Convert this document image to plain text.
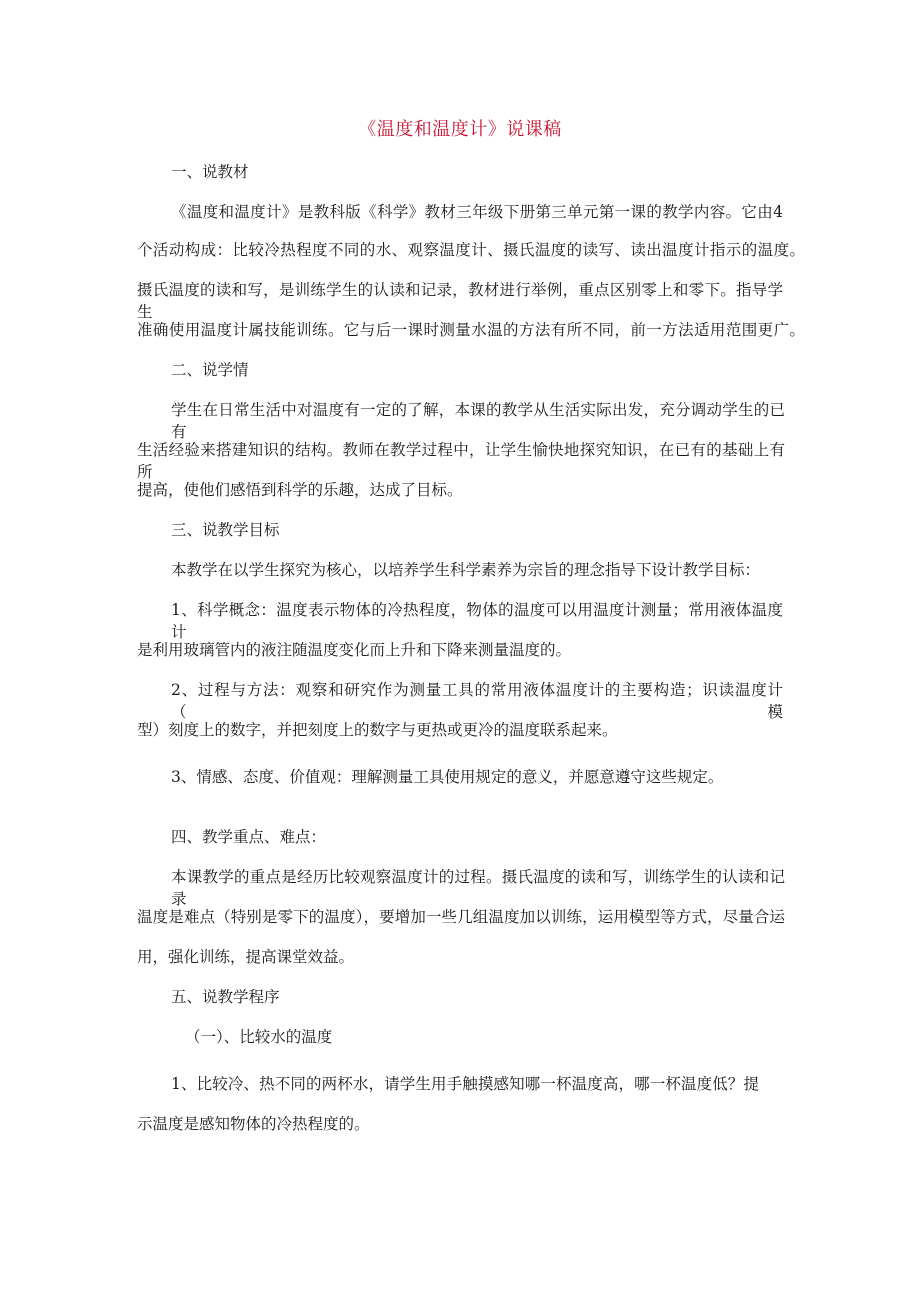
《温度和温度计》说课稿
一、说教材
《温度和温度计》是教科版《科学》教材三年级下册第三单元第一课的教学内容。它由4
个活动构成：比较冷热程度不同的水、观察温度计、摄氏温度的读写、读出温度计指示的温度。
摄氏温度的读和写，是训练学生的认读和记录，教材进行举例，重点区别零上和零下。指导学生
准确使用温度计属技能训练。它与后一课时测量水温的方法有所不同，前一方法适用范围更广。
二、说学情
学生在日常生活中对温度有一定的了解，本课的教学从生活实际出发，充分调动学生的已有
生活经验来搭建知识的结构。教师在教学过程中，让学生愉快地探究知识，在已有的基础上有所
提高，使他们感悟到科学的乐趣，达成了目标。
三、说教学目标
本教学在以学生探究为核心，以培养学生科学素养为宗旨的理念指导下设计教学目标：
1、科学概念：温度表示物体的冷热程度，物体的温度可以用温度计测量；常用液体温度计
是利用玻璃管内的液注随温度变化而上升和下降来测量温度的。
2、过程与方法：观察和研究作为测量工具的常用液体温度计的主要构造；识读温度计（模
型）刻度上的数字，并把刻度上的数字与更热或更冷的温度联系起来。
3、情感、态度、价值观：理解测量工具使用规定的意义，并愿意遵守这些规定。
四、教学重点、难点：
本课教学的重点是经历比较观察温度计的过程。摄氏温度的读和写，训练学生的认读和记录
温度是难点（特别是零下的温度），要增加一些几组温度加以训练，运用模型等方式，尽量合运
用，强化训练，提高课堂效益。
五、说教学程序
（一）、比较水的温度
1、比较冷、热不同的两杯水，请学生用手触摸感知哪一杯温度高，哪一杯温度低？提
示温度是感知物体的冷热程度的。
